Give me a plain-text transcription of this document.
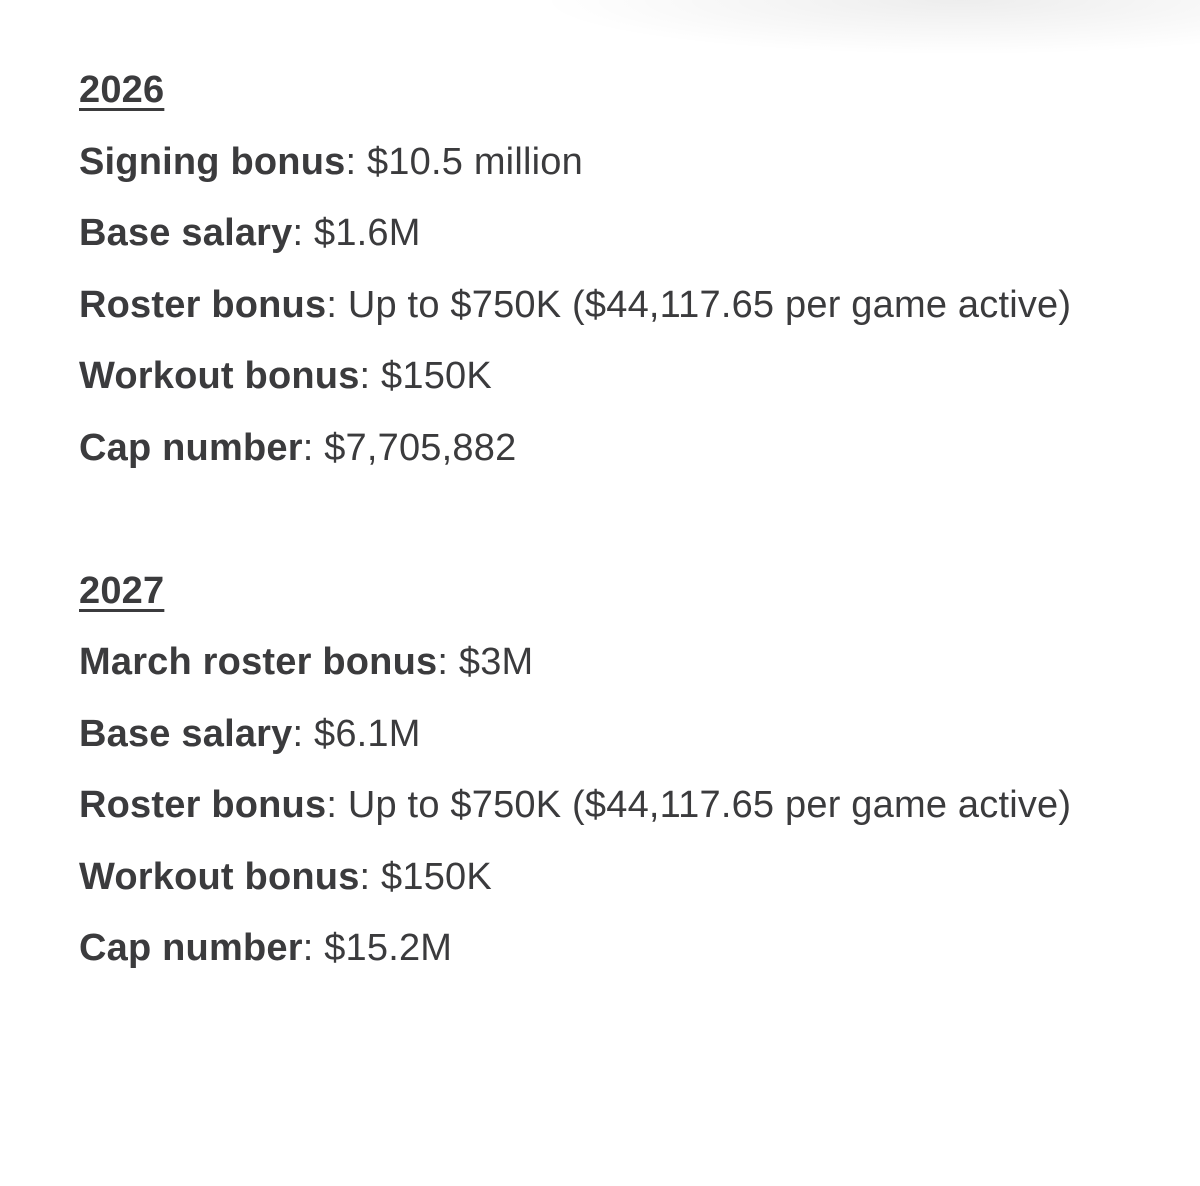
2026

Signing bonus: $10.5 million

Base salary: $1.6M

Roster bonus: Up to $750K ($44,117.65 per game active)

Workout bonus: $150K

Cap number: $7,705,882

2027

March roster bonus: $3M

Base salary: $6.1M

Roster bonus: Up to $750K ($44,117.65 per game active)

Workout bonus: $150K

Cap number: $15.2M
